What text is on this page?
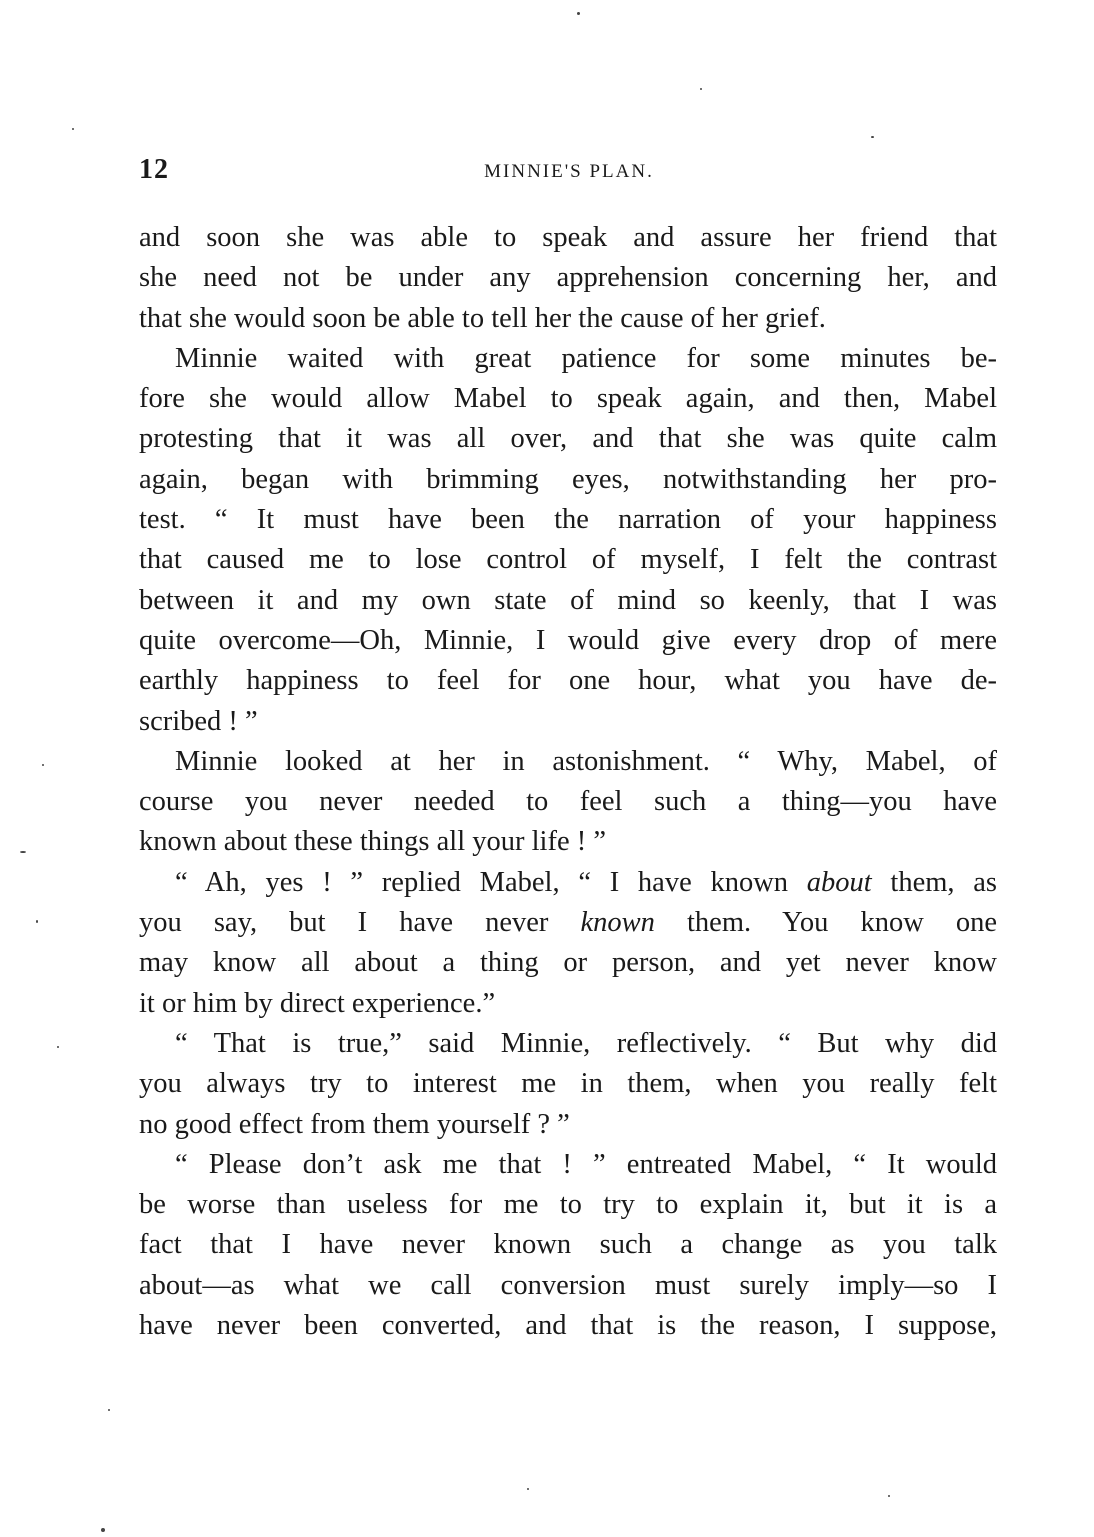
12	MINNIE'S PLAN.
and soon she was able to speak and assure her friend that
she need not be under any apprehension concerning her, and
that she would soon be able to tell her the cause of her grief.
Minnie waited with great patience for some minutes be-
fore she would allow Mabel to speak again, and then, Mabel
protesting that it was all over, and that she was quite calm
again, began with brimming eyes, notwithstanding her pro-
test. “ It must have been the narration of your happiness
that caused me to lose control of myself, I felt the contrast
between it and my own state of mind so keenly, that I was
quite overcome—Oh, Minnie, I would give every drop of mere
earthly happiness to feel for one hour, what you have de-
scribed ! ”
Minnie looked at her in astonishment. “ Why, Mabel, of
course you never needed to feel such a thing—you have
known about these things all your life ! ”
“ Ah, yes ! ” replied Mabel, “ I have known about them, as
you say, but I have never known them. You know one
may know all about a thing or person, and yet never know
it or him by direct experience.”
“ That is true,” said Minnie, reflectively. “ But why did
you always try to interest me in them, when you really felt
no good effect from them yourself ? ”
“ Please don’t ask me that ! ” entreated Mabel, “ It would
be worse than useless for me to try to explain it, but it is a
fact that I have never known such a change as you talk
about—as what we call conversion must surely imply—so I
have never been converted, and that is the reason, I suppose,
